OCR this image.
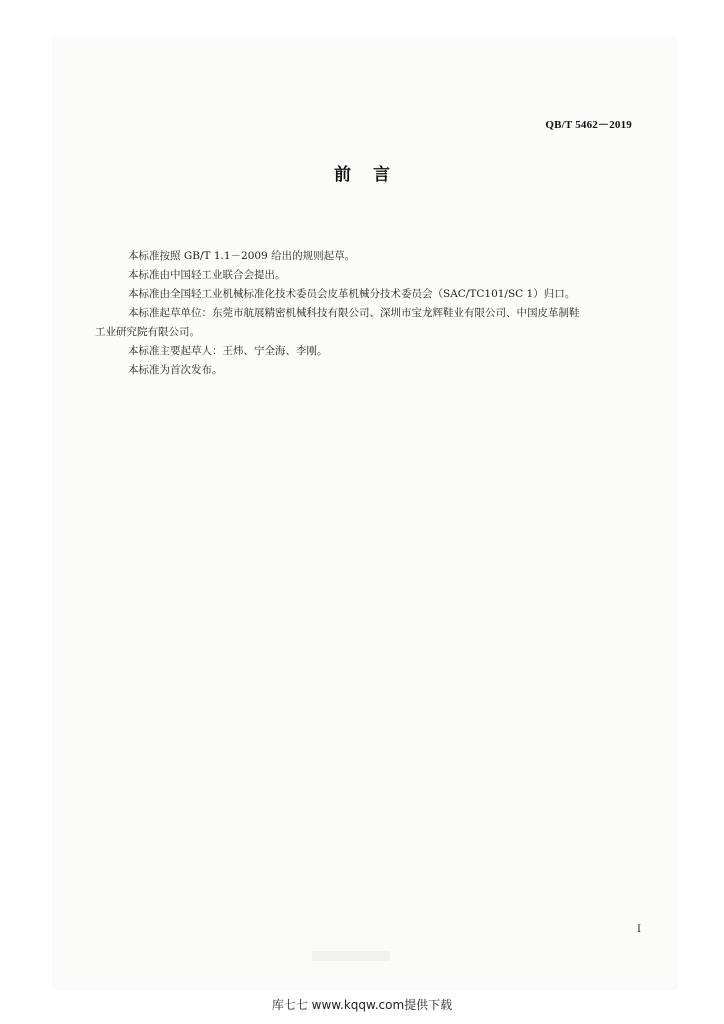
QB/T 5462－2019
前 言

本标准按照 GB/T 1.1－2009 给出的规则起草。

本标准由中国轻工业联合会提出。

本标准由全国轻工业机械标准化技术委员会皮革机械分技术委员会（SAC/TC101/SC 1）归口。

本标准起草单位：东莞市航展精密机械科技有限公司、深圳市宝龙辉鞋业有限公司、中国皮革制鞋
工业研究院有限公司。

本标准主要起草人：王炜、宁全海、李刚。

本标准为首次发布。

I
库七七 www.kqqw.com提供下载
